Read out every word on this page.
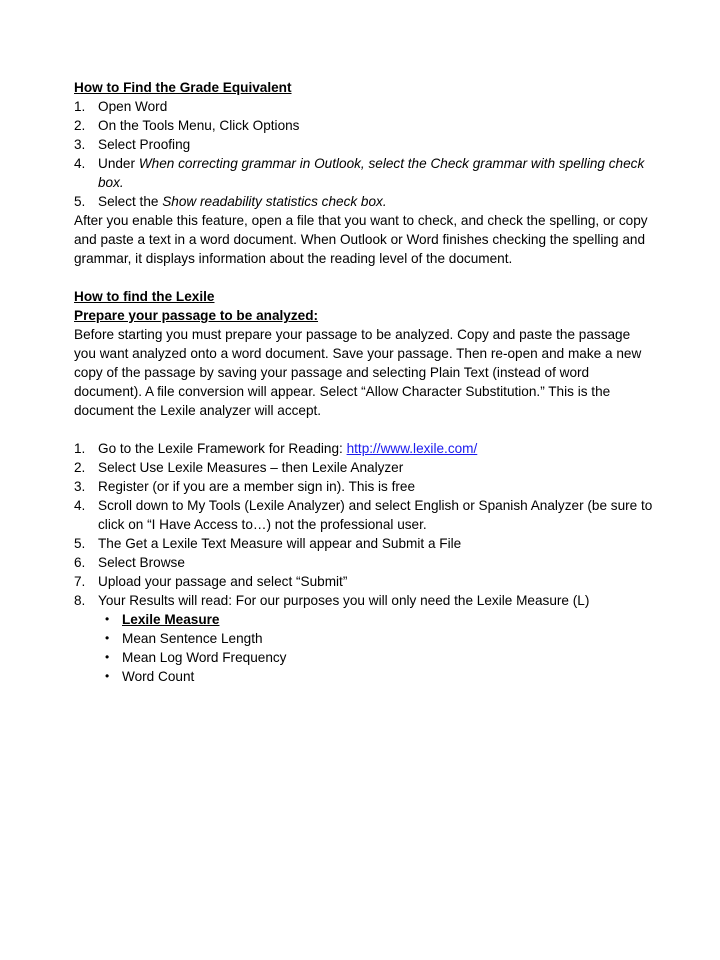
How to Find the Grade Equivalent

1. Open Word
2. On the Tools Menu, Click Options
3. Select Proofing
4. Under When correcting grammar in Outlook, select the Check grammar with spelling check box.
5. Select the Show readability statistics check box.

After you enable this feature, open a file that you want to check, and check the spelling, or copy and paste a text in a word document. When Outlook or Word finishes checking the spelling and grammar, it displays information about the reading level of the document.

How to find the Lexile

Prepare your passage to be analyzed:

Before starting you must prepare your passage to be analyzed. Copy and paste the passage you want analyzed onto a word document. Save your passage. Then re-open and make a new copy of the passage by saving your passage and selecting Plain Text (instead of word document). A file conversion will appear. Select “Allow Character Substitution.” This is the document the Lexile analyzer will accept.

1. Go to the Lexile Framework for Reading: http://www.lexile.com/
2. Select Use Lexile Measures – then Lexile Analyzer
3. Register (or if you are a member sign in). This is free
4. Scroll down to My Tools (Lexile Analyzer) and select English or Spanish Analyzer (be sure to click on “I Have Access to…) not the professional user.
5. The Get a Lexile Text Measure will appear and Submit a File
6. Select Browse
7. Upload your passage and select “Submit”
8. Your Results will read: For our purposes you will only need the Lexile Measure (L)
• Lexile Measure
• Mean Sentence Length
• Mean Log Word Frequency
• Word Count
